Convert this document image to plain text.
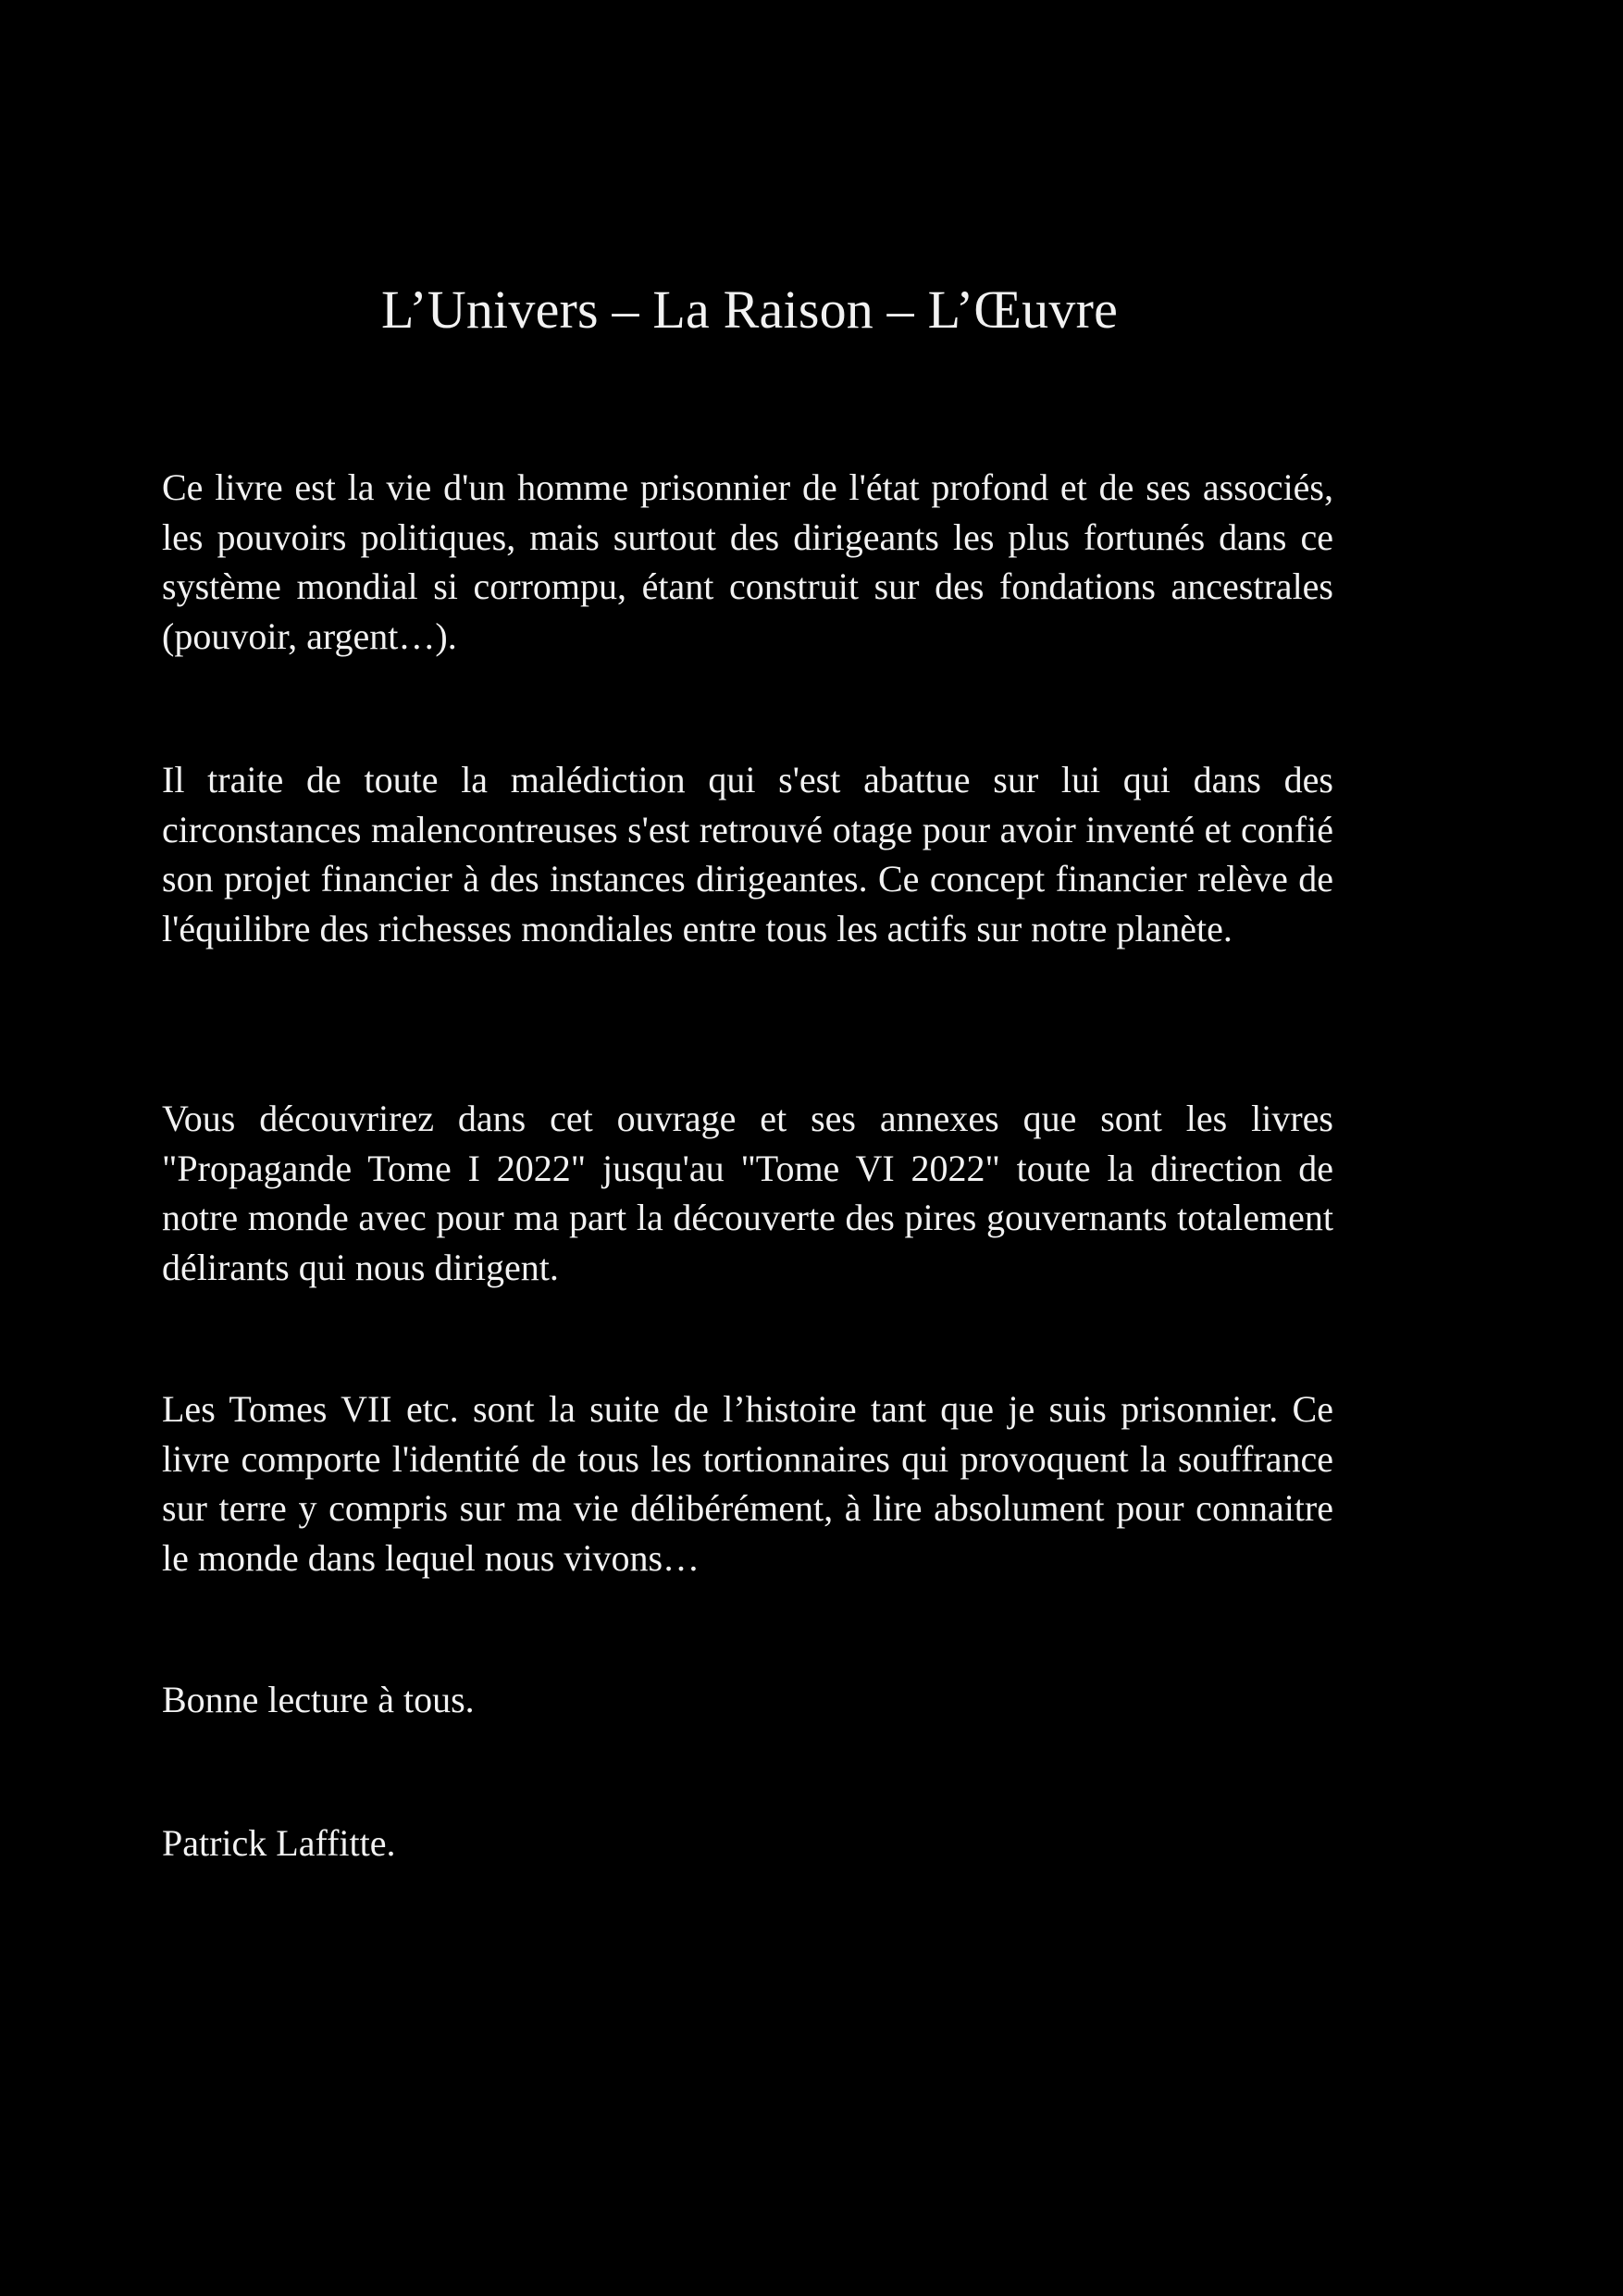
L’Univers – La Raison – L’Œuvre

Ce livre est la vie d'un homme prisonnier de l'état profond et de ses associés, les pouvoirs politiques, mais surtout des dirigeants les plus fortunés dans ce système mondial si corrompu, étant construit sur des fondations ancestrales (pouvoir, argent…).

Il traite de toute la malédiction qui s'est abattue sur lui qui dans des circonstances malencontreuses s'est retrouvé otage pour avoir inventé et confié son projet financier à des instances dirigeantes. Ce concept financier relève de l'équilibre des richesses mondiales entre tous les actifs sur notre planète.

Vous découvrirez dans cet ouvrage et ses annexes que sont les livres "Propagande Tome I 2022" jusqu'au "Tome VI 2022" toute la direction de notre monde avec pour ma part la découverte des pires gouvernants totalement délirants qui nous dirigent.

Les Tomes VII etc. sont la suite de l’histoire tant que je suis prisonnier. Ce livre comporte l'identité de tous les tortionnaires qui provoquent la souffrance sur terre y compris sur ma vie délibérément, à lire absolument pour connaitre le monde dans lequel nous vivons…

Bonne lecture à tous.

Patrick Laffitte.
